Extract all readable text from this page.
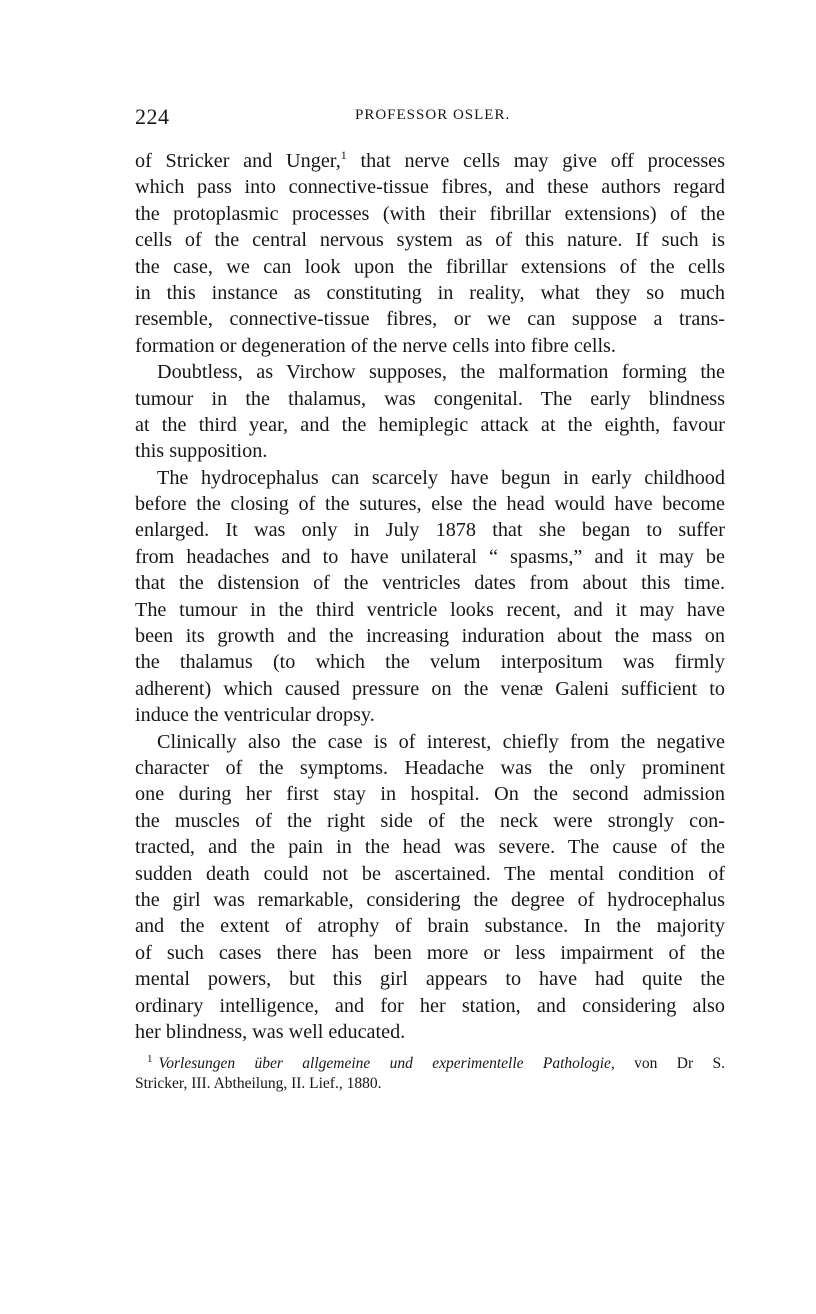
224	PROFESSOR OSLER.

of Stricker and Unger,$^1$ that nerve cells may give off processes
which pass into connective-tissue fibres, and these authors regard
the protoplasmic processes (with their fibrillar extensions) of the
cells of the central nervous system as of this nature. If such is
the case, we can look upon the fibrillar extensions of the cells
in this instance as constituting in reality, what they so much
resemble, connective-tissue fibres, or we can suppose a trans-
formation or degeneration of the nerve cells into fibre cells.

Doubtless, as Virchow supposes, the malformation forming the
tumour in the thalamus, was congenital. The early blindness
at the third year, and the hemiplegic attack at the eighth, favour
this supposition.

The hydrocephalus can scarcely have begun in early childhood
before the closing of the sutures, else the head would have become
enlarged. It was only in July 1878 that she began to suffer
from headaches and to have unilateral “ spasms,” and it may be
that the distension of the ventricles dates from about this time.
The tumour in the third ventricle looks recent, and it may have
been its growth and the increasing induration about the mass on
the thalamus (to which the velum interpositum was firmly
adherent) which caused pressure on the venæ Galeni sufficient to
induce the ventricular dropsy.

Clinically also the case is of interest, chiefly from the negative
character of the symptoms. Headache was the only prominent
one during her first stay in hospital. On the second admission
the muscles of the right side of the neck were strongly con-
tracted, and the pain in the head was severe. The cause of the
sudden death could not be ascertained. The mental condition of
the girl was remarkable, considering the degree of hydrocephalus
and the extent of atrophy of brain substance. In the majority
of such cases there has been more or less impairment of the
mental powers, but this girl appears to have had quite the
ordinary intelligence, and for her station, and considering also
her blindness, was well educated.

$^1$ Vorlesungen über allgemeine und experimentelle Pathologie, von Dr S.
Stricker, III. Abtheilung, II. Lief., 1880.
